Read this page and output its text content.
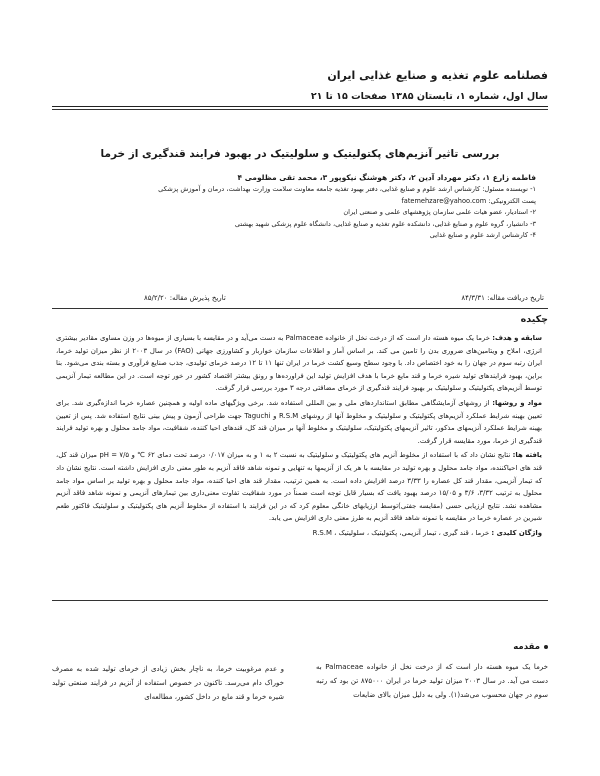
فصلنامه علوم تغذیه و صنایع غذایی ایران
سال اول، شماره ۱، تابستان ۱۳۸۵ صفحات ۱۵ تا ۲۱
بررسی تاثیر آنزیم‌های پکتولیتیک و سلولیتیک در بهبود فرایند قندگیری از خرما
فاطمه زارع ۱، دکتر مهرداد آدین ۲، دکتر هوشنگ نیکوپور ۳، محمد تقی مظلومی ۴
۱- نویسنده مسئول: کارشناس ارشد علوم و صنایع غذایی، دفتر بهبود تغذیه جامعه معاونت سلامت وزارت بهداشت، درمان و آموزش پزشکی
پست الکترونیکی: fatemehzare@yahoo.com
۲- استادیار، عضو هیات علمی سازمان پژوهشهای علمی و صنعتی ایران
۳- دانشیار، گروه علوم و صنایع غذایی، دانشکده علوم تغذیه و صنایع غذایی، دانشگاه علوم پزشکی شهید بهشتی
۴- کارشناس ارشد علوم و صنایع غذایی
تاریخ دریافت مقاله: ۸۴/۳/۳۱
تاریخ پذیرش مقاله: ۸۵/۲/۲۰
چکیده

سابقه و هدف: خرما یک میوه هسته دار است که از درخت نخل از خانواده Palmaceae به دست می‌آید و در مقایسه با بسیاری از میوه‌ها در وزن مساوی مقادیر بیشتری انرژی، املاح و ویتامین‌های ضروری بدن را تامین می کند. بر اساس آمار و اطلاعات سازمان خواربار و کشاورزی جهانی (FAO) در سال ۲۰۰۳ از نظر میزان تولید خرما، ایران رتبه سوم در جهان را به خود اختصاص داد. با وجود سطح وسیع کشت خرما در ایران تنها ۱۱ تا ۱۲ درصد خرمای تولیدی، جذب صنایع فرآوری و بسته بندی می‌شود. بنا براین، بهبود فرایندهای تولید شیره خرما و قند مایع خرما با هدف افزایش تولید این فراورده‌ها و رونق بیشتر اقتصاد کشور در خور توجه است. در این مطالعه تیمار آنزیمی توسط آنزیم‌های پکتولیتیک و سلولیتیک بر بهبود فرایند قندگیری از خرمای مضافتی درجه ۳ مورد بررسی قرار گرفت.

مواد و روشها: از روشهای آزمایشگاهی مطابق استانداردهای ملی و بین المللی استفاده شد. برخی ویژگیهای ماده اولیه و همچنین عصاره خرما اندازه‌گیری شد. برای تعیین بهینه شرایط عملکرد آنزیم‌های پکتولیتیک و سلولیتیک و مخلوط آنها از روشهای R.S.M و Taguchi جهت طراحی آزمون و پیش بینی نتایج استفاده شد. پس از تعیین بهینه شرایط عملکرد آنزیمهای مذکور، تاثیر آنزیمهای پکتولیتیک، سلولیتیک و مخلوط آنها بر میزان قند کل، قندهای احیا کننده، شفافیت، مواد جامد محلول و بهره تولید فرایند قندگیری از خرما، مورد مقایسه قرار گرفت.

یافته ها: نتایج نشان داد که با استفاده از مخلوط آنزیم های پکتولیتیک و سلولیتیک به نسبت ۲ به ۱ و به میزان ۰/۰۱۷ درصد تحت دمای ۶۲ ℃ و pH = ۷/۵ میزان قند کل، قند های احیاکننده، مواد جامد محلول و بهره تولید در مقایسه با هر یک از آنزیمها به تنهایی و نمونه شاهد فاقد آنزیم به طور معنی داری افزایش داشته است. نتایج نشان داد که تیمار آنزیمی، مقدار قند کل عصاره را ۳/۳۳ درصد افزایش داده است. به همین ترتیب، مقدار قند های احیا کننده، مواد جامد محلول و بهره تولید بر اساس مواد جامد محلول به ترتیب ۳/۳۲، ۳/۶ و ۱۵/۰۵ درصد بهبود یافت که بسیار قابل توجه است ضمناً در مورد شفافیت تفاوت معنی‌داری بین تیمارهای آنزیمی و نمونه شاهد فاقد آنزیم مشاهده نشد. نتایج ارزیابی حسی (مقایسه جفتی)توسط ارزیابهای خانگی معلوم کرد که در این فرایند با استفاده از مخلوط آنزیم های پکتولیتیک و سلولیتیک فاکتور طعم شیرین در عصاره خرما در مقایسه با نمونه شاهد فاقد آنزیم به طرز معنی داری افزایش می یابد.

واژگان کلیدی : خرما ، قند گیری ، تیمار آنزیمی، پکتولیتیک ، سلولیتیک ، R.S.M

مقدمه
خرما یک میوه هسته دار است که از درخت نخل از خانواده Palmaceae به دست می آید. در سال ۲۰۰۳ میزان تولید خرما در ایران ۸۷۵۰۰۰ تن بود که رتبه سوم در جهان محسوب می‌شد(۱). ولی به دلیل میزان بالای ضایعات
و عدم مرغوبیت خرما، به ناچار بخش زیادی از خرمای تولید شده به مصرف خوراک دام می‌رسد. تاکنون در خصوص استفاده از آنزیم در فرایند صنعتی تولید شیره خرما و قند مایع در داخل کشور، مطالعه‌ای
